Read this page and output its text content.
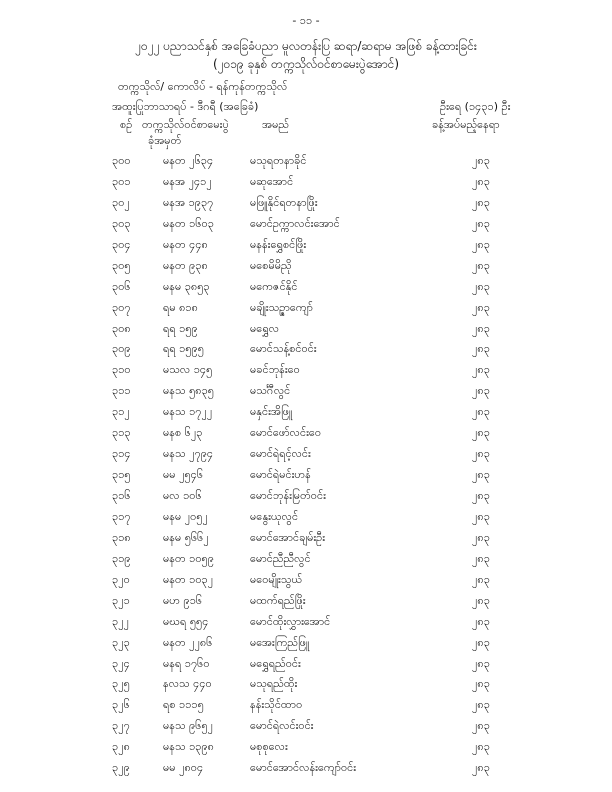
- ၁၁ -
၂၀၂၂ ပညာသင်နှစ် အခြေခံပညာ မူလတန်းပြ ဆရာ/ဆရာမ အဖြစ် ခန့်ထားခြင်း
(၂၀၁၉ ခုနှစ် တက္ကသိုလ်ဝင်စာမေးပွဲအောင်)
တက္ကသိုလ်/ ကောလိပ် - ရန်ကုန်တက္ကသိုလ်
အထူးပြုဘာသာရပ် - ဒီဂရီ (အခြေခံ)	ဦးရေ (၁၄၃၁) ဦး
စဉ် တက္ကသိုလ်ဝင်စာမေးပွဲ	အမည်	ခန့်အပ်မည့်နေရာ
ခုံအမှတ်
၃၀၀	မနတ ၂၆၃၄	မသုရတနာခိုင်	၂၈၃
၃၀၁	မနအ ၂၄၁၂	မဆုအောင်	၂၈၃
၃၀၂	မနအ ၁၉၃၇	မဖြူနိုင်ရတနာဖြိုး	၂၈၃
၃၀၃	မနတ ၁၆၀၃	မောင်ဥက္ကာလင်းအောင်	၂၈၃
၃၀၄	မနတ ၄၄၈	မနန်းရွှေစင်ဖြိုး	၂၈၃
၃၀၅	မနတ ၉၃၈	မစေမိမိညို	၂၈၃
၃၀၆	မနမ ၃၈၅၃	မကေဇင်နိုင်	၂၈၃
၃၀၇	ရမ ၈၁၈	မချိုးသဉ္ဇာကျော်	၂၈၃
၃၀၈	ရရ ၁၅၉	မရွှေလ	၂၈၃
၃၀၉	ရရ ၁၅၉၅	မောင်သန့်စင်ဝင်း	၂၈၃
၃၁၀	မသလ ၁၄၅	မခင်ဘုန်းဝေ	၂၈၃
၃၁၁	မနသ ၅၈၃၅	မသင်္ဂီလွင်	၂၈၃
၃၁၂	မနသ ၁၇၂၂	မနှင်းအိဖြူ	၂၈၃
၃၁၃	မနစ ၆၂၃	မောင်ဖော်လင်းဝေ	၂၈၃
၃၁၄	မနသ ၂၇၉၄	မောင်ရဲရင့်လင်း	၂၈၃
၃၁၅	မမ ၂၅၄၆	မောင်ရဲမင်းဟန်	၂၈၃
၃၁၆	မလ ၁၀၆	မောင်ဘုန်းမြတ်ဝင်း	၂၈၃
၃၁၇	မနမ ၂၀၅၂	မနွေးယုလွင်	၂၈၃
၃၁၈	မနမ ၅၆၆၂	မောင်အောင်ချမ်းဦး	၂၈၃
၃၁၉	မနတ ၁၀၅၉	မောင်ညီညီလွင်	၂၈၃
၃၂၀	မနတ ၁၀၃၂	မဝေမျိုးသွယ်	၂၈၃
၃၂၁	မဟ ၉၁၆	မထက်ရည်ဖြိုး	၂၈၃
၃၂၂	မဃရ ၅၅၄	မောင်ထိုးလွှားအောင်	၂၈၃
၃၂၃	မနတ ၂၂၈၆	မအေးကြည်ဖြူ	၂၈၃
၃၂၄	မနရ ၁၇၆၀	မရွှေရည်ဝင်း	၂၈၃
၃၂၅	နလသ ၄၄၀	မသုရည်ထိုး	၂၈၃
၃၂၆	ရစ ၁၁၁၅	နန်းသိုင်ထာဝ	၂၈၃
၃၂၇	မနသ ၉၆၅၂	မောင်ရဲလင်းဝင်း	၂၈၃
၃၂၈	မနသ ၁၃၉၈	မစုစုလေး	၂၈၃
၃၂၉	မမ ၂၈၀၄	မောင်အောင်လန်းကျော်ဝင်း	၂၈၃
